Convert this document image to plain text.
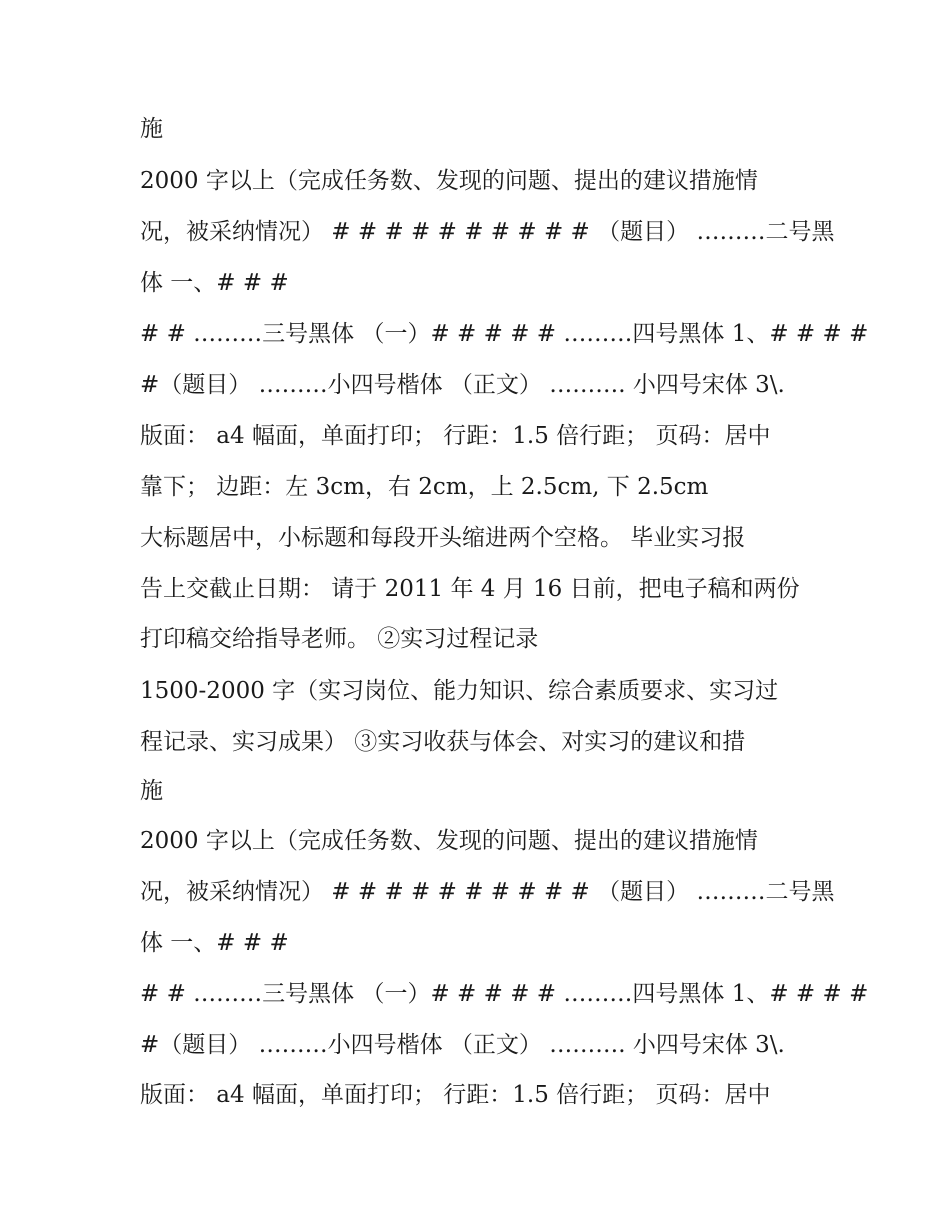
施
2000 字以上（完成任务数、发现的问题、提出的建议措施情
况，被采纳情况） # # # # # # # # # # （题目） ………二号黑
体 一、# # #
# # ………三号黑体 （一）# # # # # ………四号黑体 1、# # # #
#（题目） ………小四号楷体 （正文） ………. 小四号宋体 3\.
版面： a4 幅面，单面打印； 行距：1.5 倍行距； 页码：居中
靠下； 边距：左 3cm，右 2cm，上 2.5cm, 下 2.5cm
大标题居中，小标题和每段开头缩进两个空格。 毕业实习报
告上交截止日期： 请于 2011 年 4 月 16 日前，把电子稿和两份
打印稿交给指导老师。 ②实习过程记录
1500-2000 字（实习岗位、能力知识、综合素质要求、实习过
程记录、实习成果） ③实习收获与体会、对实习的建议和措
施
2000 字以上（完成任务数、发现的问题、提出的建议措施情
况，被采纳情况） # # # # # # # # # # （题目） ………二号黑
体 一、# # #
# # ………三号黑体 （一）# # # # # ………四号黑体 1、# # # #
#（题目） ………小四号楷体 （正文） ………. 小四号宋体 3\.
版面： a4 幅面，单面打印； 行距：1.5 倍行距； 页码：居中
